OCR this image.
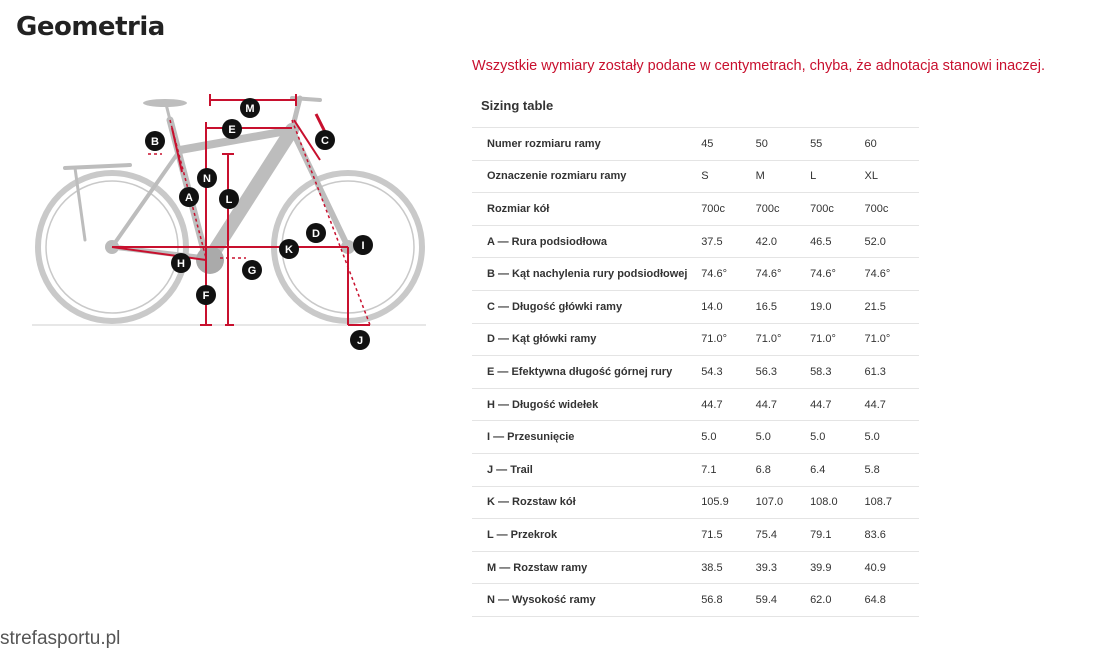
Geometria
M
E
B	C
N
A	L
D
K	I
H
G
F
J
Wszystkie wymiary zostały podane w centymetrach, chyba, że adnotacja stanowi inaczej.
Sizing table
Numer rozmiaru ramy	45	50	55	60
Oznaczenie rozmiaru ramy	S	M	L	XL
Rozmiar kół	700c	700c	700c	700c
A — Rura podsiodłowa	37.5	42.0	46.5	52.0
B — Kąt nachylenia rury podsiodłowej	74.6°	74.6°	74.6°	74.6°
C — Długość główki ramy	14.0	16.5	19.0	21.5
D — Kąt główki ramy	71.0°	71.0°	71.0°	71.0°
E — Efektywna długość górnej rury	54.3	56.3	58.3	61.3
H — Długość widełek	44.7	44.7	44.7	44.7
I — Przesunięcie	5.0	5.0	5.0	5.0
J — Trail	7.1	6.8	6.4	5.8
K — Rozstaw kół	105.9	107.0	108.0	108.7
L — Przekrok	71.5	75.4	79.1	83.6
M — Rozstaw ramy	38.5	39.3	39.9	40.9
N — Wysokość ramy	56.8	59.4	62.0	64.8
strefasportu.pl
